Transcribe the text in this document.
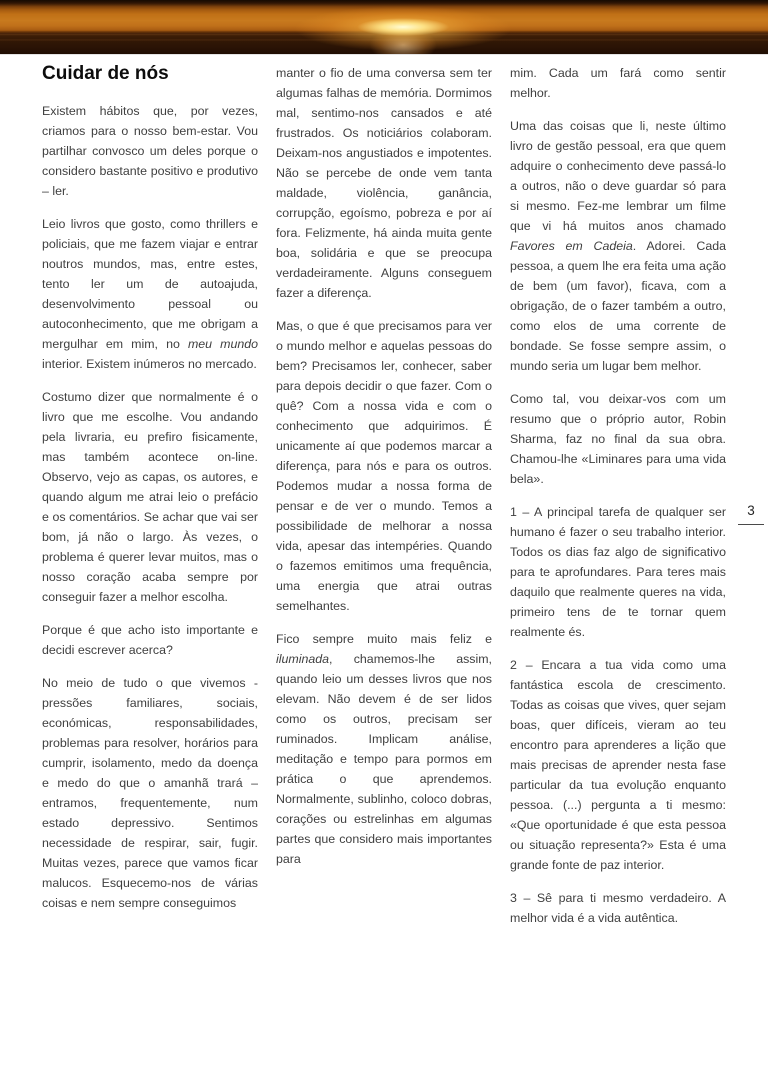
Cuidar de nós

Existem hábitos que, por vezes, criamos para o nosso bem-estar. Vou partilhar convosco um deles porque o considero bastante positivo e produtivo – ler.

Leio livros que gosto, como thrillers e policiais, que me fazem viajar e entrar noutros mundos, mas, entre estes, tento ler um de autoajuda, desenvolvimento pessoal ou autoconhecimento, que me obrigam a mergulhar em mim, no meu mundo interior. Existem inúmeros no mercado.

Costumo dizer que normalmente é o livro que me escolhe. Vou andando pela livraria, eu prefiro fisicamente, mas também acontece on-line. Observo, vejo as capas, os autores, e quando algum me atrai leio o prefácio e os comentários. Se achar que vai ser bom, já não o largo. Às vezes, o problema é querer levar muitos, mas o nosso coração acaba sempre por conseguir fazer a melhor escolha.

Porque é que acho isto importante e decidi escrever acerca?

No meio de tudo o que vivemos - pressões familiares, sociais, económicas, responsabilidades, problemas para resolver, horários para cumprir, isolamento, medo da doença e medo do que o amanhã trará – entramos, frequentemente, num estado depressivo. Sentimos necessidade de respirar, sair, fugir. Muitas vezes, parece que vamos ficar malucos. Esquecemo-nos de várias coisas e nem sempre conseguimos

manter o fio de uma conversa sem ter algumas falhas de memória. Dormimos mal, sentimo-nos cansados e até frustrados. Os noticiários colaboram. Deixam-nos angustiados e impotentes. Não se percebe de onde vem tanta maldade, violência, ganância, corrupção, egoísmo, pobreza e por aí fora. Felizmente, há ainda muita gente boa, solidária e que se preocupa verdadeiramente. Alguns conseguem fazer a diferença.

Mas, o que é que precisamos para ver o mundo melhor e aquelas pessoas do bem? Precisamos ler, conhecer, saber para depois decidir o que fazer. Com o quê? Com a nossa vida e com o conhecimento que adquirimos. É unicamente aí que podemos marcar a diferença, para nós e para os outros. Podemos mudar a nossa forma de pensar e de ver o mundo. Temos a possibilidade de melhorar a nossa vida, apesar das intempéries. Quando o fazemos emitimos uma frequência, uma energia que atrai outras semelhantes.

Fico sempre muito mais feliz e iluminada, chamemos-lhe assim, quando leio um desses livros que nos elevam. Não devem é de ser lidos como os outros, precisam ser ruminados. Implicam análise, meditação e tempo para pormos em prática o que aprendemos. Normalmente, sublinho, coloco dobras, corações ou estrelinhas em algumas partes que considero mais importantes para

mim. Cada um fará como sentir melhor.

Uma das coisas que li, neste último livro de gestão pessoal, era que quem adquire o conhecimento deve passá-lo a outros, não o deve guardar só para si mesmo. Fez-me lembrar um filme que vi há muitos anos chamado Favores em Cadeia. Adorei. Cada pessoa, a quem lhe era feita uma ação de bem (um favor), ficava, com a obrigação, de o fazer também a outro, como elos de uma corrente de bondade. Se fosse sempre assim, o mundo seria um lugar bem melhor.

Como tal, vou deixar-vos com um resumo que o próprio autor, Robin Sharma, faz no final da sua obra. Chamou-lhe «Liminares para uma vida bela».

1 – A principal tarefa de qualquer ser humano é fazer o seu trabalho interior. Todos os dias faz algo de significativo para te aprofundares. Para teres mais daquilo que realmente queres na vida, primeiro tens de te tornar quem realmente és.

2 – Encara a tua vida como uma fantástica escola de crescimento. Todas as coisas que vives, quer sejam boas, quer difíceis, vieram ao teu encontro para aprenderes a lição que mais precisas de aprender nesta fase particular da tua evolução enquanto pessoa. (...) pergunta a ti mesmo: «Que oportunidade é que esta pessoa ou situação representa?» Esta é uma grande fonte de paz interior.

3 – Sê para ti mesmo verdadeiro. A melhor vida é a vida autêntica.

3
